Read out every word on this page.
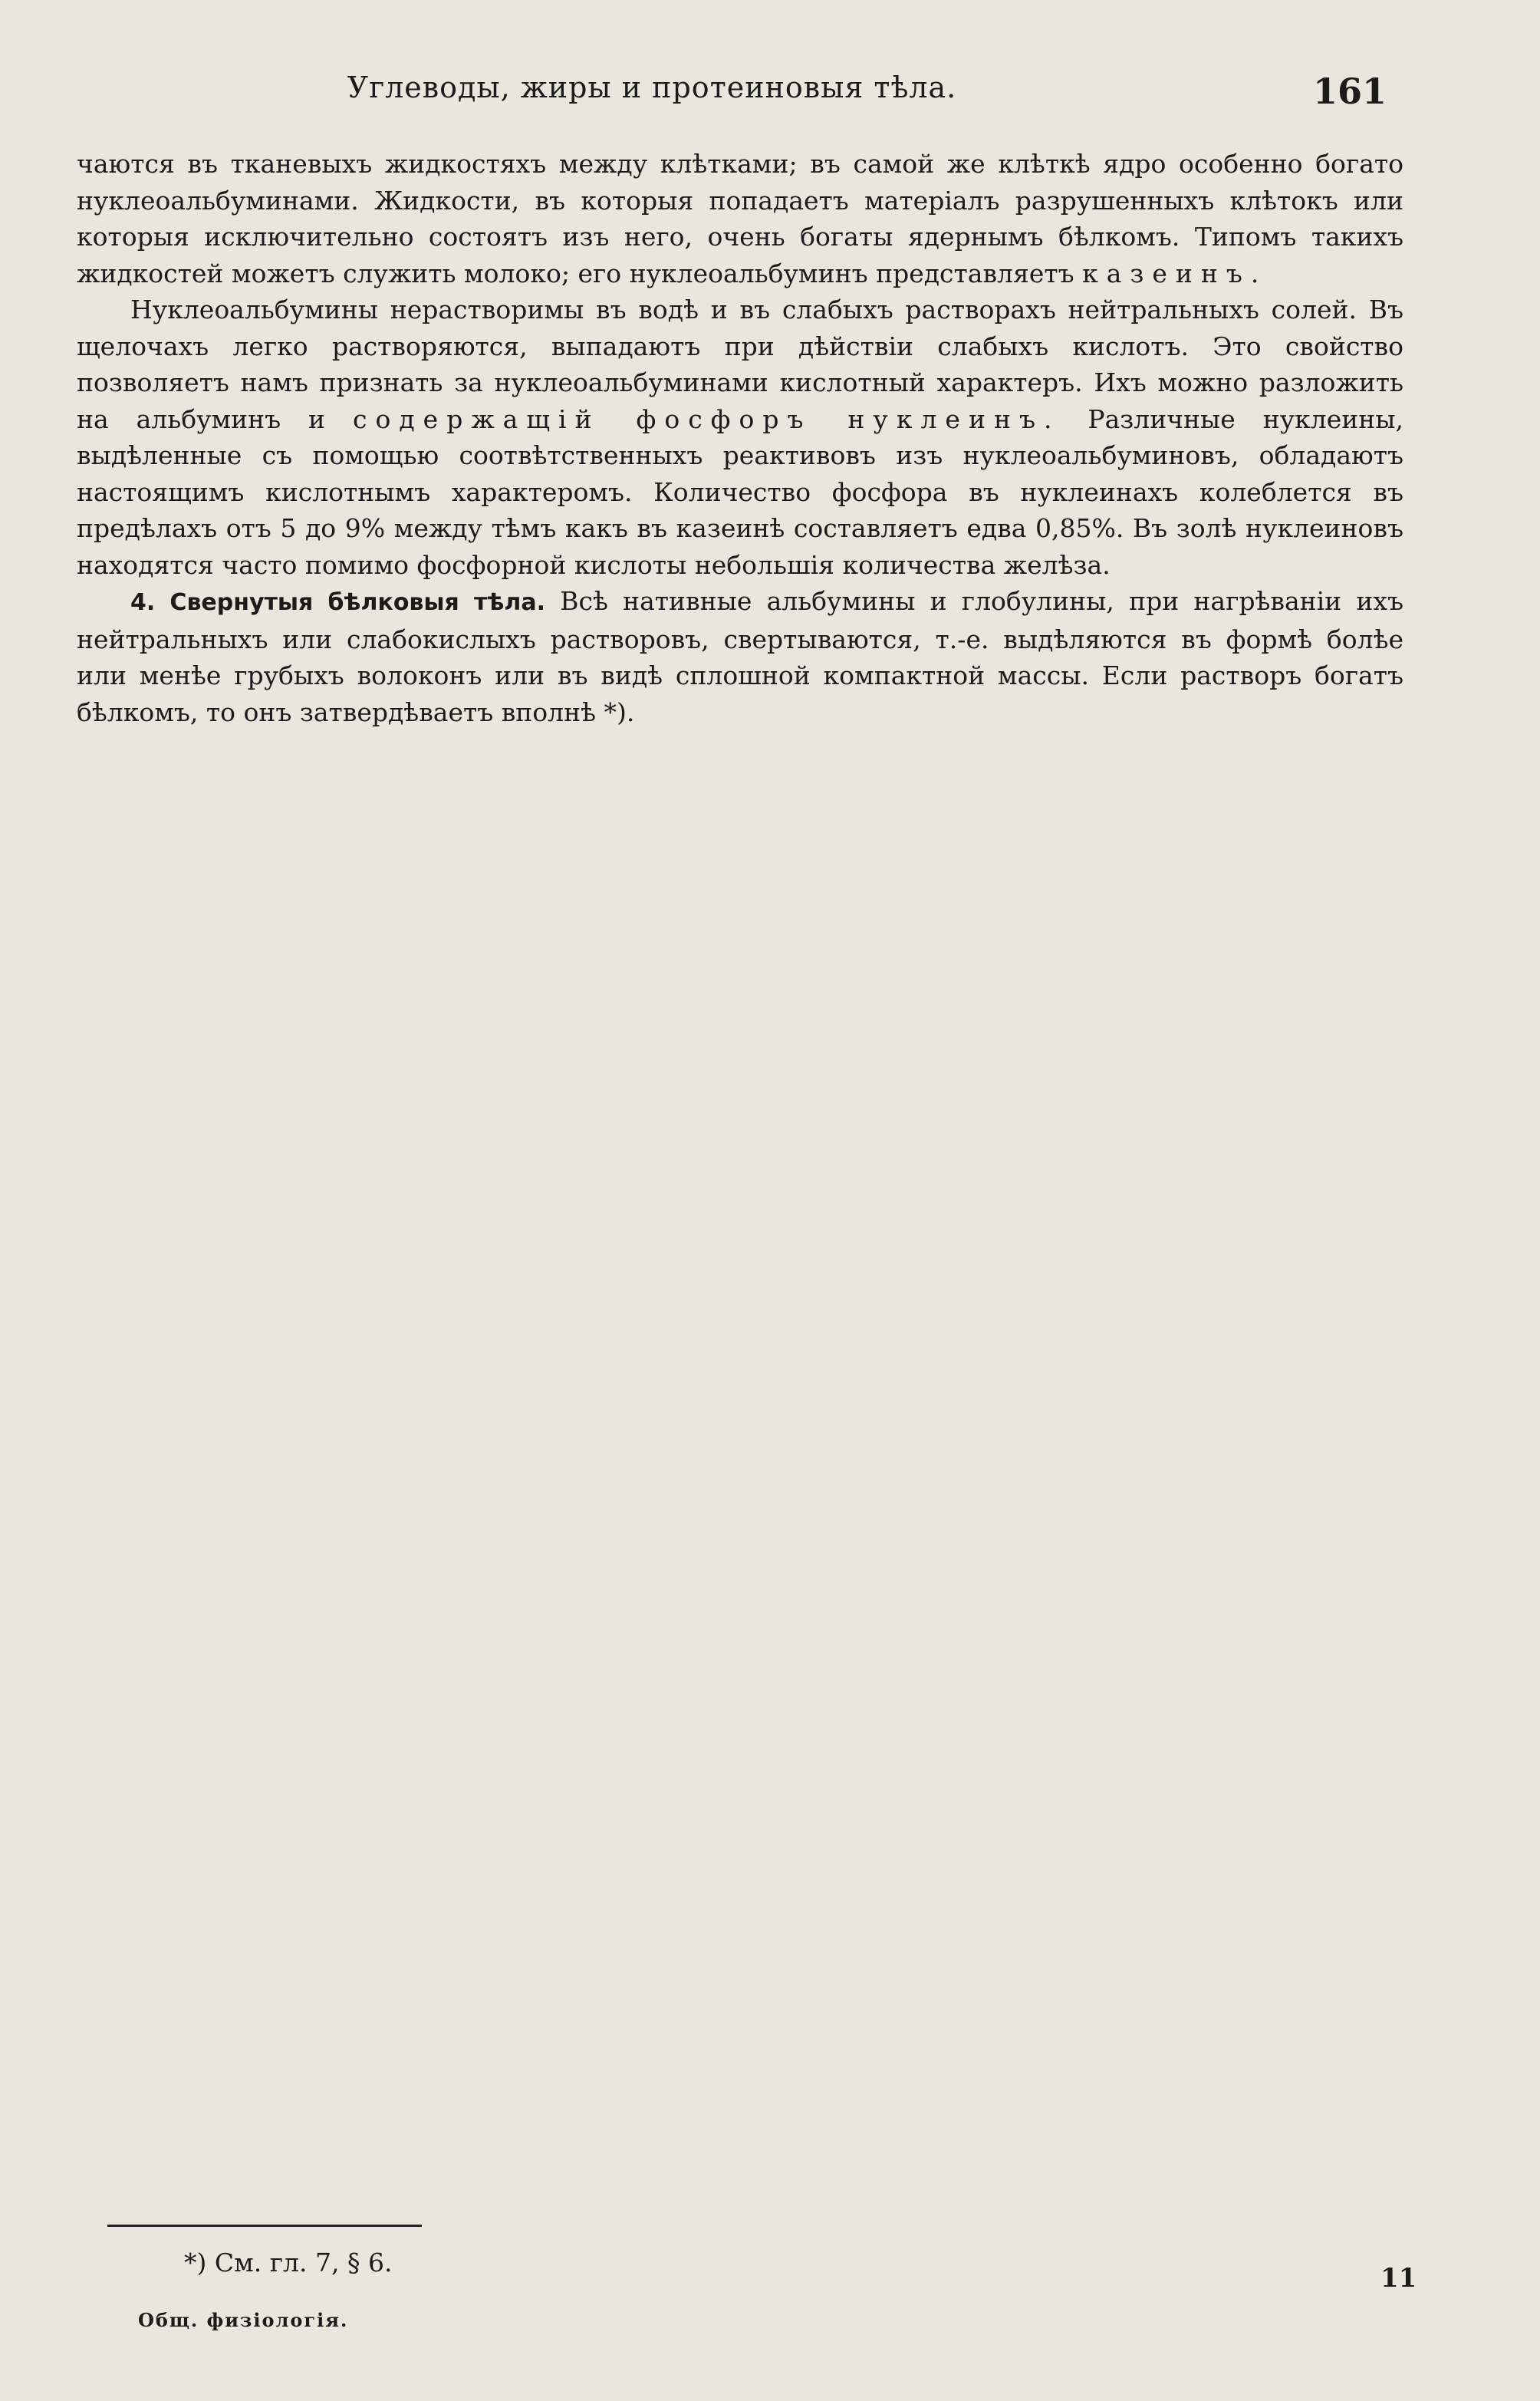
Углеводы, жиры и протеиновыя тѣла.	161

чаются въ тканевыхъ жидкостяхъ между клѣтками; въ самой же клѣткѣ ядро особенно богато нуклеоальбуминами. Жидкости, въ которыя попадаетъ матеріалъ разрушенныхъ клѣтокъ или которыя исключительно состоятъ изъ него, очень богаты ядернымъ бѣлкомъ. Типомъ такихъ жидкостей можетъ служить молоко; его нуклеоальбуминъ представляетъ казеинъ.

Нуклеоальбумины нерастворимы въ водѣ и въ слабыхъ растворахъ нейтральныхъ солей. Въ щелочахъ легко растворяются, выпадаютъ при дѣйствіи слабыхъ кислотъ. Это свойство позволяетъ намъ признать за нуклеоальбуминами кислотный характеръ. Ихъ можно разложить на альбуминъ и содержащій фосфоръ нуклеинъ. Различные нуклеины, выдѣленные съ помощью соотвѣтственныхъ реактивовъ изъ нуклеоальбуминовъ, обладаютъ настоящимъ кислотнымъ характеромъ. Количество фосфора въ нуклеинахъ колеблется въ предѣлахъ отъ 5 до 9% между тѣмъ какъ въ казеинѣ составляетъ едва 0,85%. Въ золѣ нуклеиновъ находятся часто помимо фосфорной кислоты небольшія количества желѣза.

4. Свернутыя бѣлковыя тѣла. Всѣ нативные альбумины и глобулины, при нагрѣваніи ихъ нейтральныхъ или слабокислыхъ растворовъ, свертываются, т.-е. выдѣляются въ формѣ болѣе или менѣе грубыхъ волоконъ или въ видѣ сплошной компактной массы. Если растворъ богатъ бѣлкомъ, то онъ затвердѣваетъ вполнѣ *).

*) См. гл. 7, § 6.
11
Общ. физіологія.
